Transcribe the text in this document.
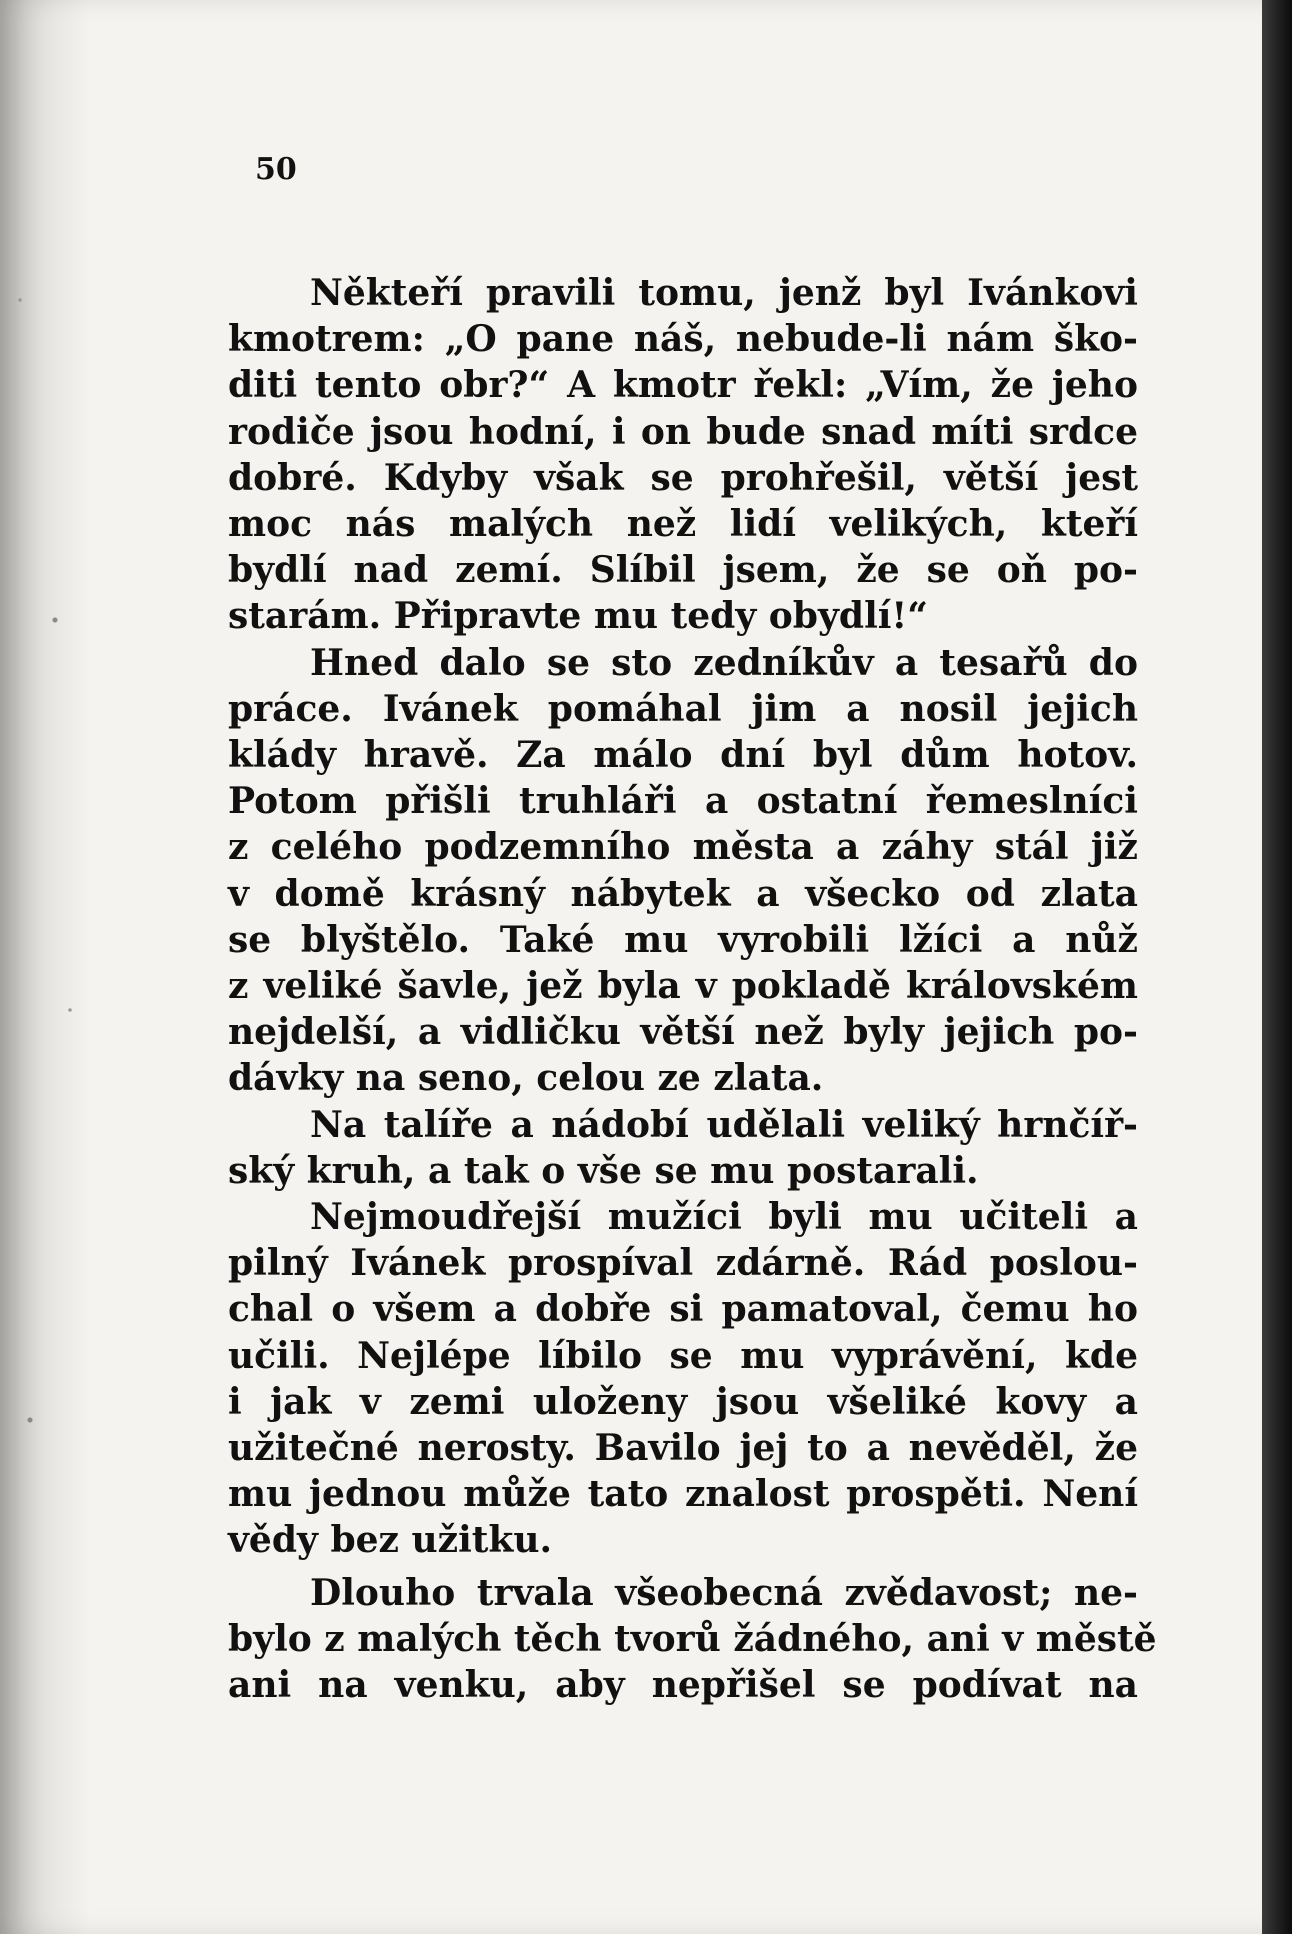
50
Někteří pravili tomu, jenž byl Ivánkovi
kmotrem: „O pane náš, nebude-li nám ško-
diti tento obr?“ A kmotr řekl: „Vím, že jeho
rodiče jsou hodní, i on bude snad míti srdce
dobré. Kdyby však se prohřešil, větší jest
moc nás malých než lidí velikých, kteří
bydlí nad zemí. Slíbil jsem, že se oň po-
starám. Připravte mu tedy obydlí!“
Hned dalo se sto zedníkův a tesařů do
práce. Ivánek pomáhal jim a nosil jejich
klády hravě. Za málo dní byl dům hotov.
Potom přišli truhláři a ostatní řemeslníci
z celého podzemního města a záhy stál již
v domě krásný nábytek a všecko od zlata
se blyštělo. Také mu vyrobili lžíci a nůž
z veliké šavle, jež byla v pokladě královském
nejdelší, a vidličku větší než byly jejich po-
dávky na seno, celou ze zlata.
Na talíře a nádobí udělali veliký hrnčíř-
ský kruh, a tak o vše se mu postarali.
Nejmoudřejší mužíci byli mu učiteli a
pilný Ivánek prospíval zdárně. Rád poslou-
chal o všem a dobře si pamatoval, čemu ho
učili. Nejlépe líbilo se mu vyprávění, kde
i jak v zemi uloženy jsou všeliké kovy a
užitečné nerosty. Bavilo jej to a nevěděl, že
mu jednou může tato znalost prospěti. Není
vědy bez užitku.
Dlouho trvala všeobecná zvědavost; ne-
bylo z malých těch tvorů žádného, ani v městě
ani na venku, aby nepřišel se podívat na
